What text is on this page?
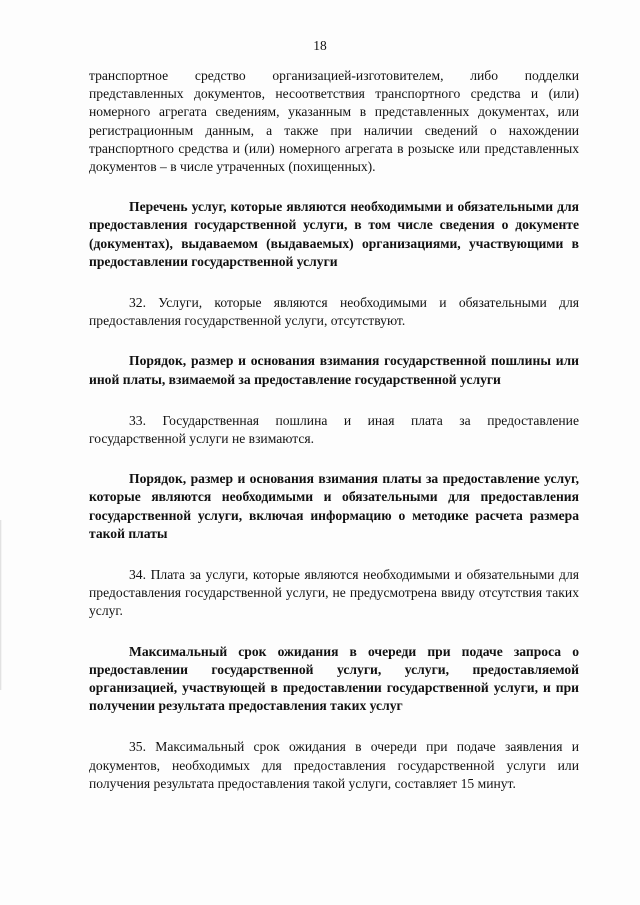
18

транспортное средство организацией-изготовителем, либо подделки представленных документов, несоответствия транспортного средства и (или) номерного агрегата сведениям, указанным в представленных документах, или регистрационным данным, а также при наличии сведений о нахождении транспортного средства и (или) номерного агрегата в розыске или представленных документов – в числе утраченных (похищенных).

Перечень услуг, которые являются необходимыми и обязательными для предоставления государственной услуги, в том числе сведения о документе (документах), выдаваемом (выдаваемых) организациями, участвующими в предоставлении государственной услуги

32. Услуги, которые являются необходимыми и обязательными для предоставления государственной услуги, отсутствуют.

Порядок, размер и основания взимания государственной пошлины или иной платы, взимаемой за предоставление государственной услуги

33. Государственная пошлина и иная плата за предоставление государственной услуги не взимаются.

Порядок, размер и основания взимания платы за предоставление услуг, которые являются необходимыми и обязательными для предоставления государственной услуги, включая информацию о методике расчета размера такой платы

34. Плата за услуги, которые являются необходимыми и обязательными для предоставления государственной услуги, не предусмотрена ввиду отсутствия таких услуг.

Максимальный срок ожидания в очереди при подаче запроса о предоставлении государственной услуги, услуги, предоставляемой организацией, участвующей в предоставлении государственной услуги, и при получении результата предоставления таких услуг

35. Максимальный срок ожидания в очереди при подаче заявления и документов, необходимых для предоставления государственной услуги или получения результата предоставления такой услуги, составляет 15 минут.
